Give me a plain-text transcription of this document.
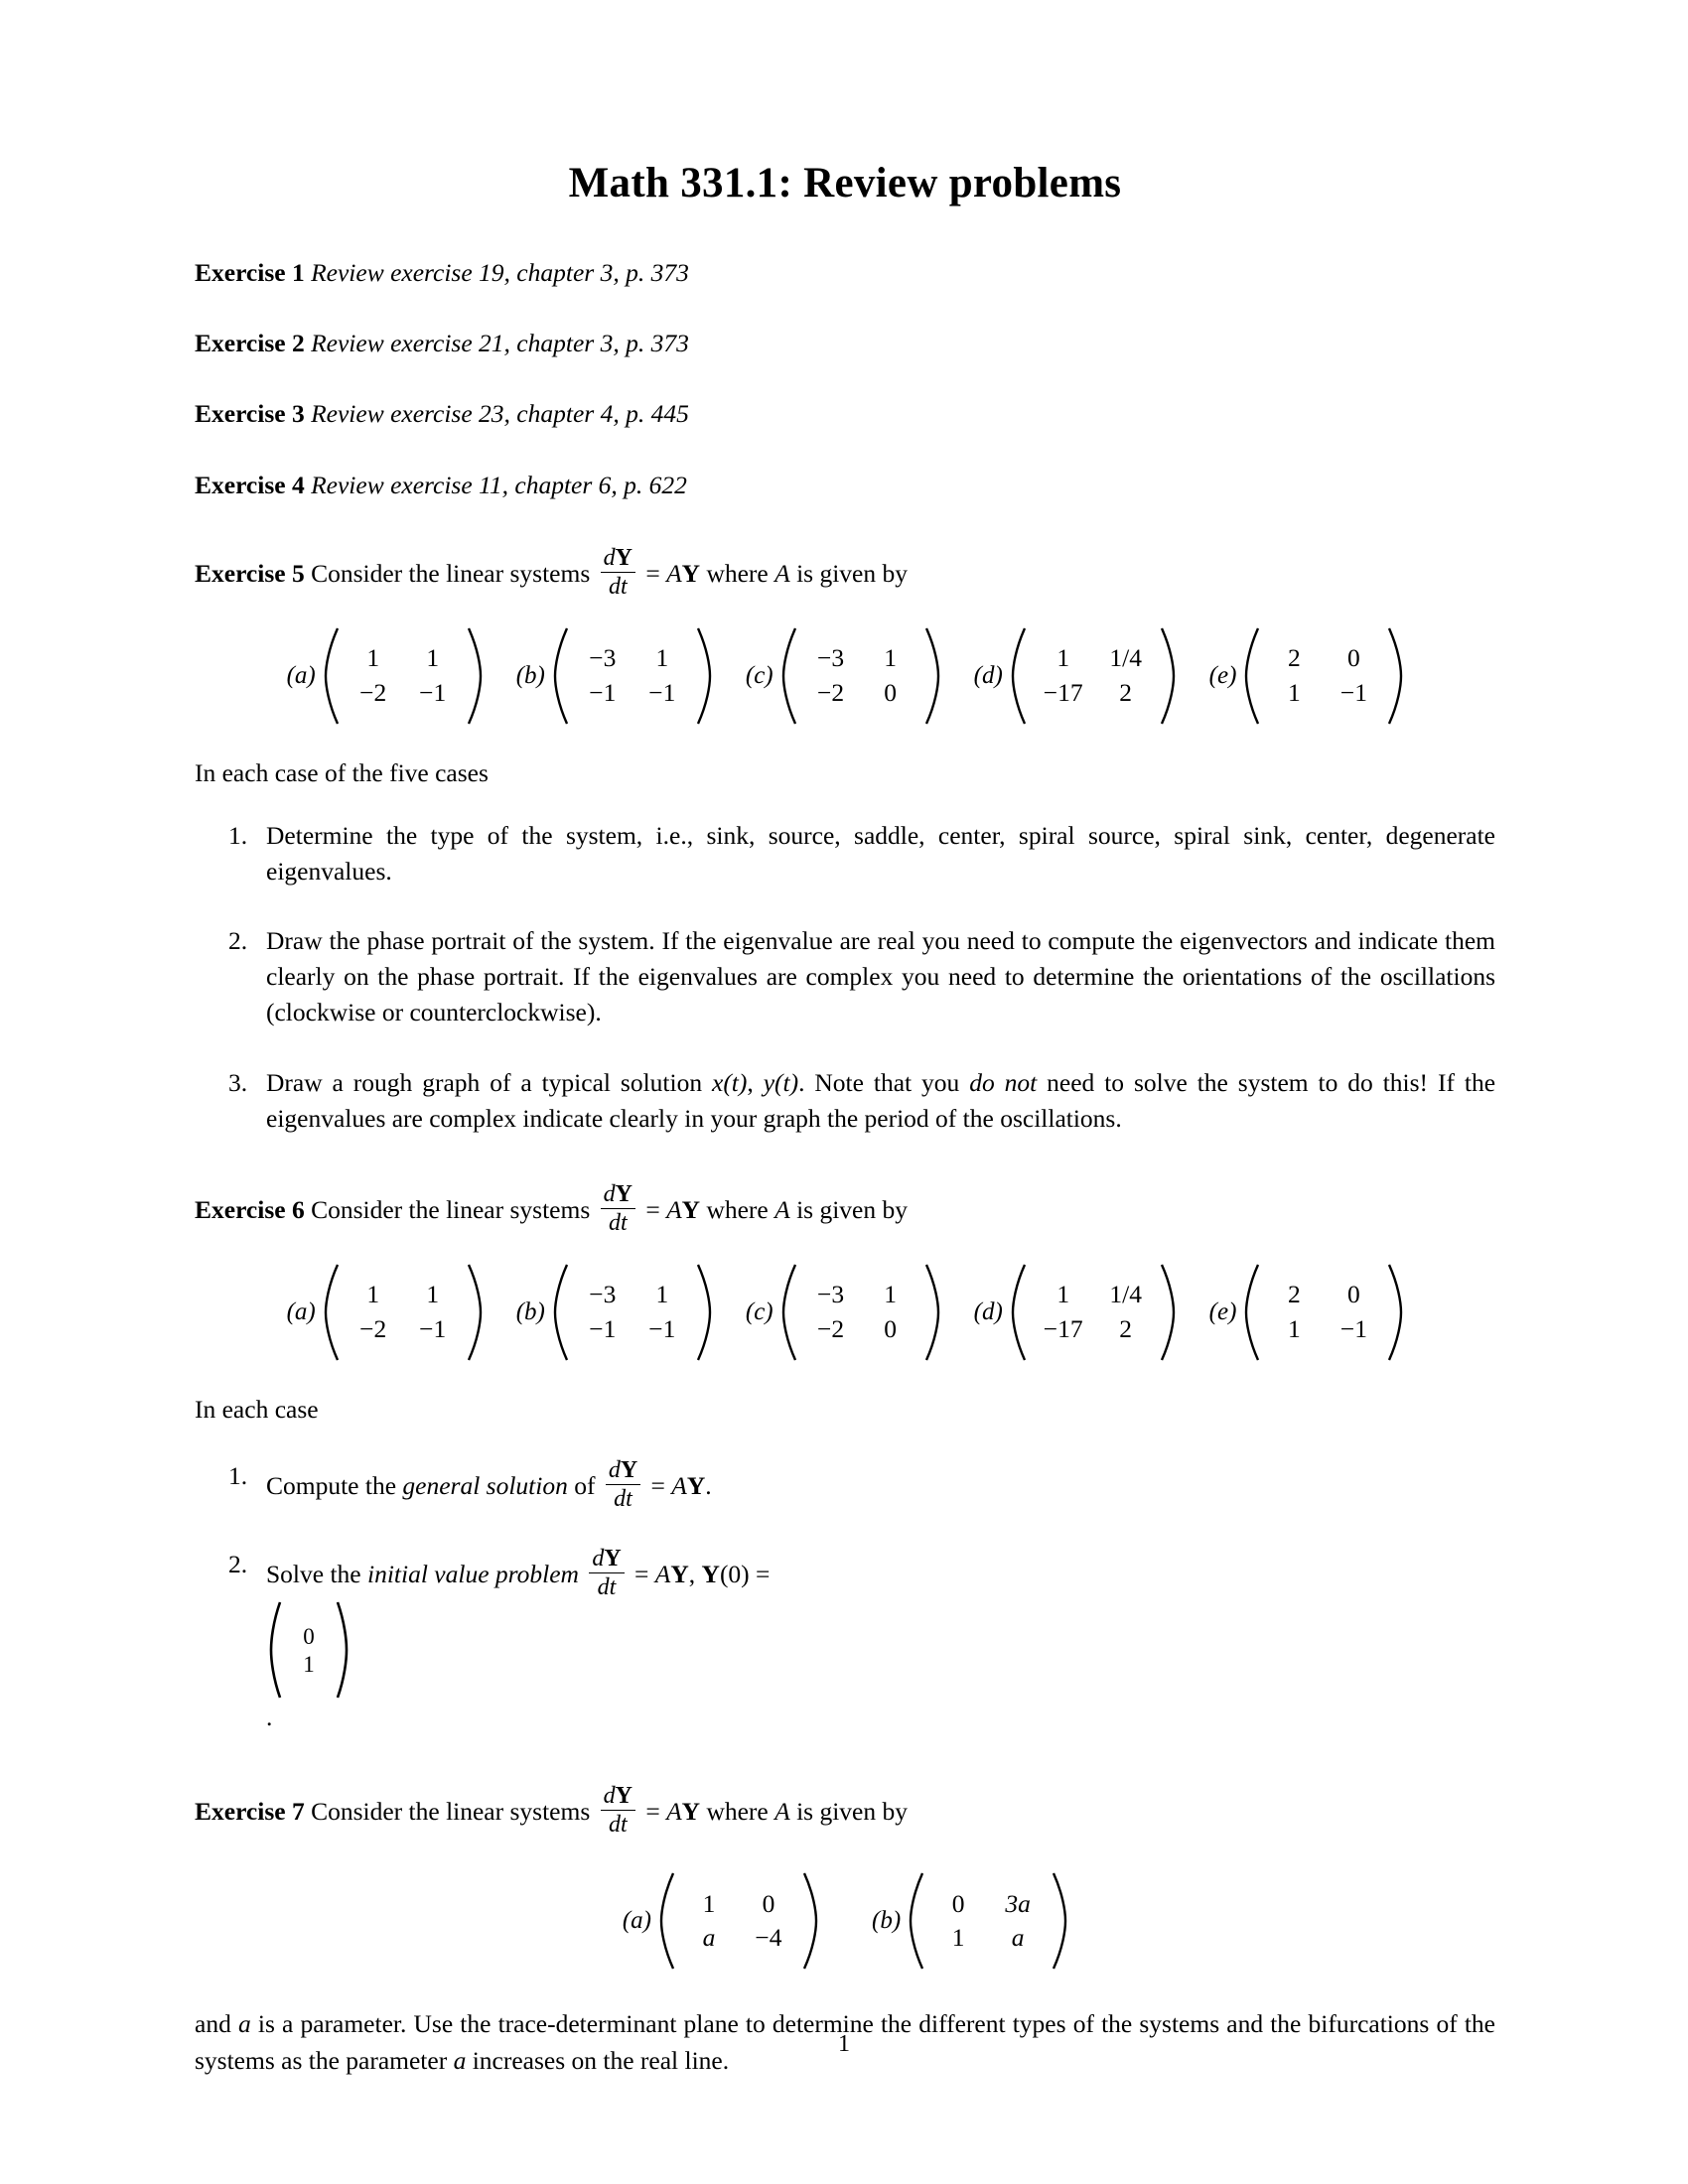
Math 331.1: Review problems
Exercise 1 Review exercise 19, chapter 3, p. 373
Exercise 2 Review exercise 21, chapter 3, p. 373
Exercise 3 Review exercise 23, chapter 4, p. 445
Exercise 4 Review exercise 11, chapter 6, p. 622
Exercise 5 Consider the linear systems $\frac{dY}{dt}$ = AY where A is given by
(a)
1	1
−2 −1
(b)
−3	1
−1 −1
(c)
−3	1
−2	0
(d)
1	1/4
−17	2
(e)
2	0
1	−1
In each case of the five cases
Determine the type of the system, i.e., sink, source, saddle, center, spiral source, spiral sink, center, degenerate eigenvalues.
Draw the phase portrait of the system. If the eigenvalue are real you need to compute the eigenvectors and indicate them clearly on the phase portrait. If the eigenvalues are complex you need to determine the orientations of the oscillations (clockwise or counterclockwise).
Draw a rough graph of a typical solution x(t), y(t). Note that you do not need to solve the system to do this! If the eigenvalues are complex indicate clearly in your graph the period of the oscillations.
Exercise 6 Consider the linear systems $\frac{dY}{dt}$ = AY where A is given by
(a)
1	1
−2 −1
(b)
−3	1
−1 −1
(c)
−3	1
−2	0
(d)
1	1/4
−17	2
(e)
2	0
1	−1
In each case
Compute the general solution of $\frac{dY}{dt}$ = AY.
Solve the initial value problem $\frac{dY}{dt}$ = AY, Y(0) =
0
1
.
Exercise 7 Consider the linear systems $\frac{dY}{dt}$ = AY where A is given by
(a)
1	0
a	−4
(b)
0	3a
1	a
and a is a parameter. Use the trace-determinant plane to determine the different types of the systems and the bifurcations of the systems as the parameter a increases on the real line.
1
